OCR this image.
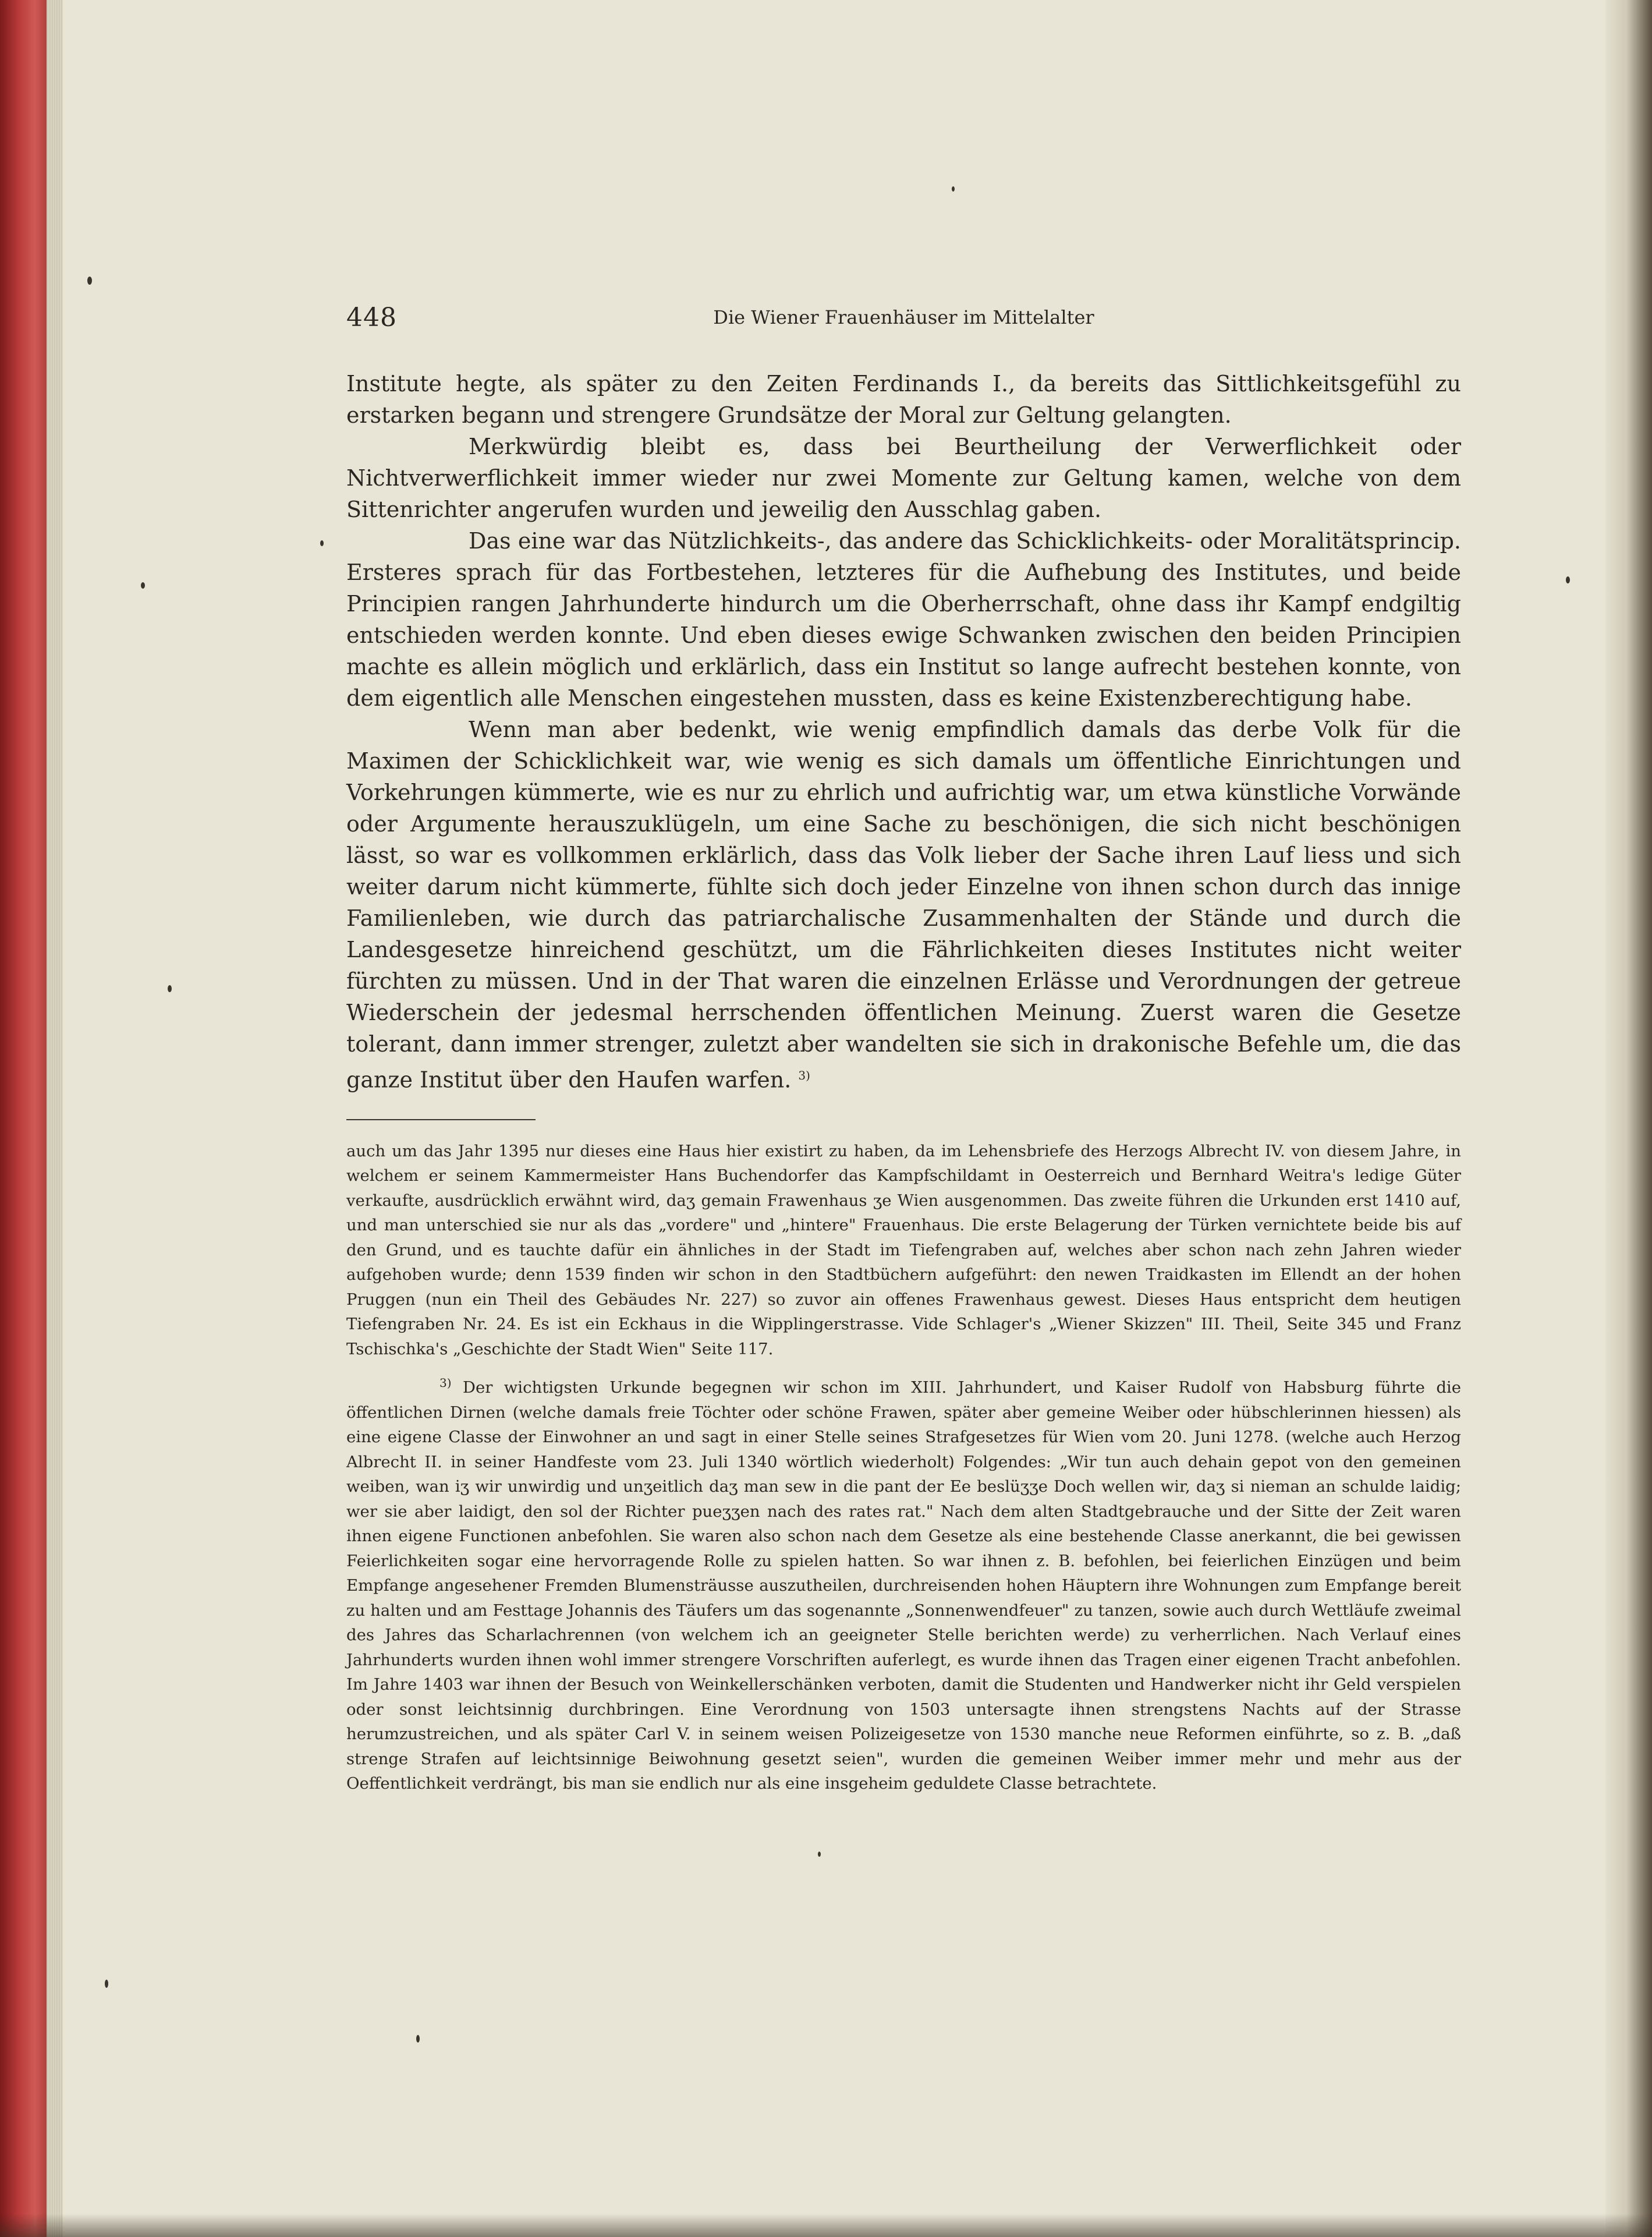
448	Die Wiener Frauenhäuser im Mittelalter

Institute hegte, als später zu den Zeiten Ferdinands I., da bereits das Sittlichkeitsgefühl zu erstarken begann und strengere Grundsätze der Moral zur Geltung gelangten.

Merkwürdig bleibt es, dass bei Beurtheilung der Verwerflichkeit oder Nichtverwerflichkeit immer wieder nur zwei Momente zur Geltung kamen, welche von dem Sittenrichter angerufen wurden und jeweilig den Ausschlag gaben.

Das eine war das Nützlichkeits-, das andere das Schicklichkeits- oder Moralitätsprincip. Ersteres sprach für das Fortbestehen, letzteres für die Aufhebung des Institutes, und beide Principien rangen Jahrhunderte hindurch um die Oberherrschaft, ohne dass ihr Kampf endgiltig entschieden werden konnte. Und eben dieses ewige Schwanken zwischen den beiden Principien machte es allein möglich und erklärlich, dass ein Institut so lange aufrecht bestehen konnte, von dem eigentlich alle Menschen eingestehen mussten, dass es keine Existenzberechtigung habe.

Wenn man aber bedenkt, wie wenig empfindlich damals das derbe Volk für die Maximen der Schicklichkeit war, wie wenig es sich damals um öffentliche Einrichtungen und Vorkehrungen kümmerte, wie es nur zu ehrlich und aufrichtig war, um etwa künstliche Vorwände oder Argumente herauszuklügeln, um eine Sache zu beschönigen, die sich nicht beschönigen lässt, so war es vollkommen erklärlich, dass das Volk lieber der Sache ihren Lauf liess und sich weiter darum nicht kümmerte, fühlte sich doch jeder Einzelne von ihnen schon durch das innige Familienleben, wie durch das patriarchalische Zusammenhalten der Stände und durch die Landesgesetze hinreichend geschützt, um die Fährlichkeiten dieses Institutes nicht weiter fürchten zu müssen. Und in der That waren die einzelnen Erlässe und Verordnungen der getreue Wiederschein der jedesmal herrschenden öffentlichen Meinung. Zuerst waren die Gesetze tolerant, dann immer strenger, zuletzt aber wandelten sie sich in drakonische Befehle um, die das ganze Institut über den Haufen warfen. $^{3)}$

auch um das Jahr 1395 nur dieses eine Haus hier existirt zu haben, da im Lehensbriefe des Herzogs Albrecht IV. von diesem Jahre, in welchem er seinem Kammermeister Hans Buchendorfer das Kampfschildamt in Oesterreich und Bernhard Weitra's ledige Güter verkaufte, ausdrücklich erwähnt wird, daʒ gemain Frawenhaus ʒe Wien ausgenommen. Das zweite führen die Urkunden erst 1410 auf, und man unterschied sie nur als das „vordere" und „hintere" Frauenhaus. Die erste Belagerung der Türken vernichtete beide bis auf den Grund, und es tauchte dafür ein ähnliches in der Stadt im Tiefengraben auf, welches aber schon nach zehn Jahren wieder aufgehoben wurde; denn 1539 finden wir schon in den Stadtbüchern aufgeführt: den newen Traidkasten im Ellendt an der hohen Pruggen (nun ein Theil des Gebäudes Nr. 227) so zuvor ain offenes Frawenhaus gewest. Dieses Haus entspricht dem heutigen Tiefengraben Nr. 24. Es ist ein Eckhaus in die Wipplingerstrasse. Vide Schlager's „Wiener Skizzen" III. Theil, Seite 345 und Franz Tschischka's „Geschichte der Stadt Wien" Seite 117.

$^{3)}$ Der wichtigsten Urkunde begegnen wir schon im XIII. Jahrhundert, und Kaiser Rudolf von Habsburg führte die öffentlichen Dirnen (welche damals freie Töchter oder schöne Frawen, später aber gemeine Weiber oder hübschlerinnen hiessen) als eine eigene Classe der Einwohner an und sagt in einer Stelle seines Strafgesetzes für Wien vom 20. Juni 1278. (welche auch Herzog Albrecht II. in seiner Handfeste vom 23. Juli 1340 wörtlich wiederholt) Folgendes: „Wir tun auch dehain gepot von den gemeinen weiben, wan iʒ wir unwirdig und unʒeitlich daʒ man sew in die pant der Ee beslüʒʒe Doch wellen wir, daʒ si nieman an schulde laidig; wer sie aber laidigt, den sol der Richter pueʒʒen nach des rates rat." Nach dem alten Stadtgebrauche und der Sitte der Zeit waren ihnen eigene Functionen anbefohlen. Sie waren also schon nach dem Gesetze als eine bestehende Classe anerkannt, die bei gewissen Feierlichkeiten sogar eine hervorragende Rolle zu spielen hatten. So war ihnen z. B. befohlen, bei feierlichen Einzügen und beim Empfange angesehener Fremden Blumensträusse auszutheilen, durchreisenden hohen Häuptern ihre Wohnungen zum Empfange bereit zu halten und am Festtage Johannis des Täufers um das sogenannte „Sonnenwendfeuer" zu tanzen, sowie auch durch Wettläufe zweimal des Jahres das Scharlachrennen (von welchem ich an geeigneter Stelle berichten werde) zu verherrlichen. Nach Verlauf eines Jahrhunderts wurden ihnen wohl immer strengere Vorschriften auferlegt, es wurde ihnen das Tragen einer eigenen Tracht anbefohlen. Im Jahre 1403 war ihnen der Besuch von Weinkellerschänken verboten, damit die Studenten und Handwerker nicht ihr Geld verspielen oder sonst leichtsinnig durchbringen. Eine Verordnung von 1503 untersagte ihnen strengstens Nachts auf der Strasse herumzustreichen, und als später Carl V. in seinem weisen Polizeigesetze von 1530 manche neue Reformen einführte, so z. B. „daß strenge Strafen auf leichtsinnige Beiwohnung gesetzt seien", wurden die gemeinen Weiber immer mehr und mehr aus der Oeffentlichkeit verdrängt, bis man sie endlich nur als eine insgeheim geduldete Classe betrachtete.
